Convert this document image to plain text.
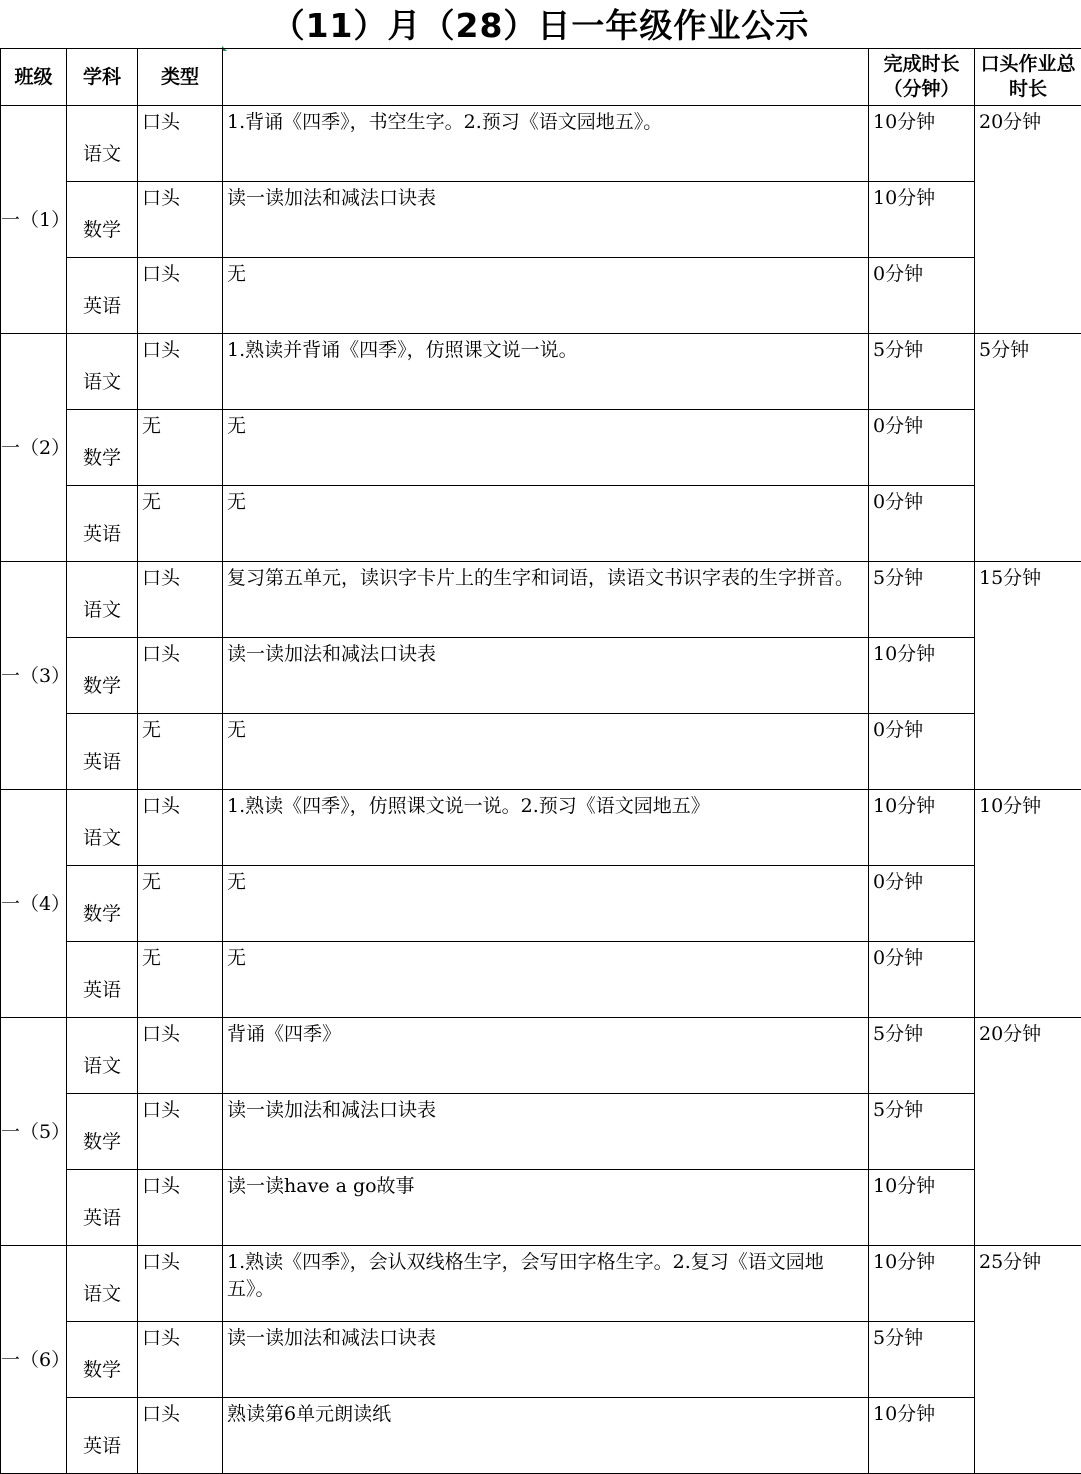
（11）月（28）日一年级作业公示
班级	学科	类型		完成时长（分钟）	口头作业总时长
一（1）	语文	口头	1.背诵《四季》，书空生字。2.预习《语文园地五》。	10分钟	20分钟
	数学	口头	读一读加法和减法口诀表	10分钟	
	英语	口头	无	0分钟	
一（2）	语文	口头	1.熟读并背诵《四季》，仿照课文说一说。	5分钟	5分钟
	数学	无	无	0分钟	
	英语	无	无	0分钟	
一（3）	语文	口头	复习第五单元，读识字卡片上的生字和词语，读语文书识字表的生字拼音。	5分钟	15分钟
	数学	口头	读一读加法和减法口诀表	10分钟	
	英语	无	无	0分钟	
一（4）	语文	口头	1.熟读《四季》，仿照课文说一说。2.预习《语文园地五》	10分钟	10分钟
	数学	无	无	0分钟	
	英语	无	无	0分钟	
一（5）	语文	口头	背诵《四季》	5分钟	20分钟
	数学	口头	读一读加法和减法口诀表	5分钟	
	英语	口头	读一读have a go故事	10分钟	
一（6）	语文	口头	1.熟读《四季》，会认双线格生字，会写田字格生字。2.复习《语文园地五》。	10分钟	25分钟
	数学	口头	读一读加法和减法口诀表	5分钟	
	英语	口头	熟读第6单元朗读纸	10分钟	
